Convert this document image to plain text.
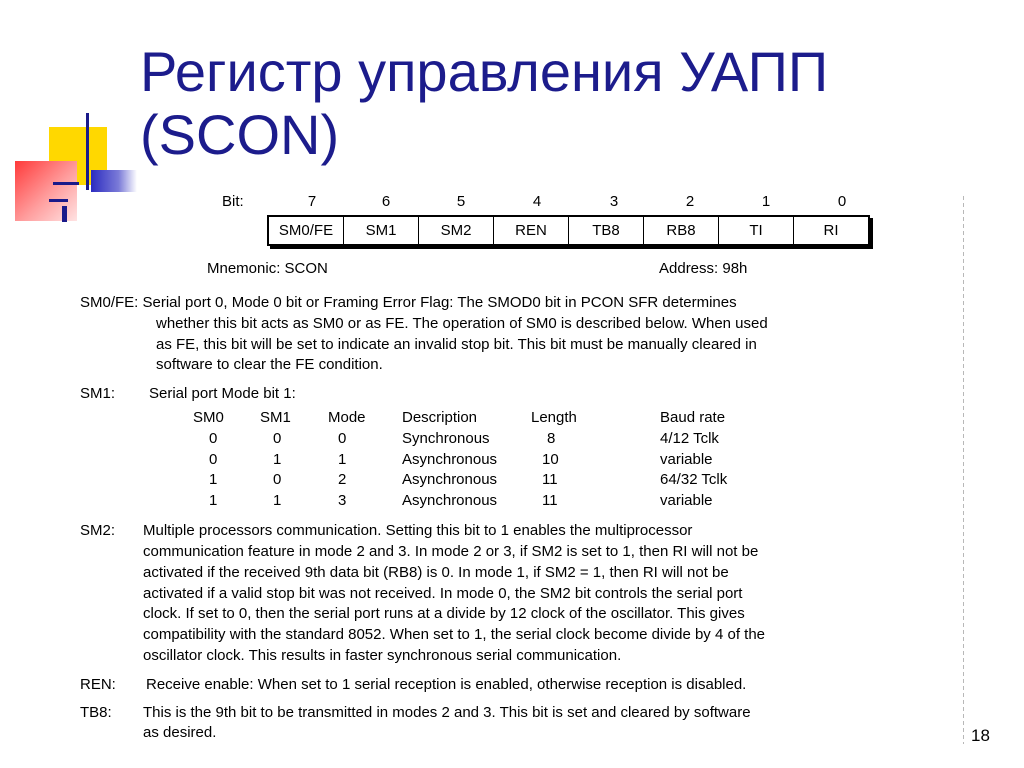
Регистр управления УАПП
(SCON)
Bit:	7	6	5	4	3	2	1	0
SM0/FE	SM1	SM2	REN	TB8	RB8	TI	RI
Mnemonic: SCON	Address: 98h
SM0/FE: Serial port 0, Mode 0 bit or Framing Error Flag: The SMOD0 bit in PCON SFR determines
whether this bit acts as SM0 or as FE. The operation of SM0 is described below. When used
as FE, this bit will be set to indicate an invalid stop bit. This bit must be manually cleared in
software to clear the FE condition.
SM1: Serial port Mode bit 1:
SM0 SM1 Mode Description	Length	Baud rate
0	0	0	Synchronous	8	4/12 Tclk
0	1	1	Asynchronous	10	variable
1	0	2	Asynchronous	11	64/32 Tclk
1	1	3	Asynchronous	11	variable
SM2: Multiple processors communication. Setting this bit to 1 enables the multiprocessor
communication feature in mode 2 and 3. In mode 2 or 3, if SM2 is set to 1, then RI will not be
activated if the received 9th data bit (RB8) is 0. In mode 1, if SM2 = 1, then RI will not be
activated if a valid stop bit was not received. In mode 0, the SM2 bit controls the serial port
clock. If set to 0, then the serial port runs at a divide by 12 clock of the oscillator. This gives
compatibility with the standard 8052. When set to 1, the serial clock become divide by 4 of the
oscillator clock. This results in faster synchronous serial communication.
REN: Receive enable: When set to 1 serial reception is enabled, otherwise reception is disabled.
TB8: This is the 9th bit to be transmitted in modes 2 and 3. This bit is set and cleared by software
as desired.	18
